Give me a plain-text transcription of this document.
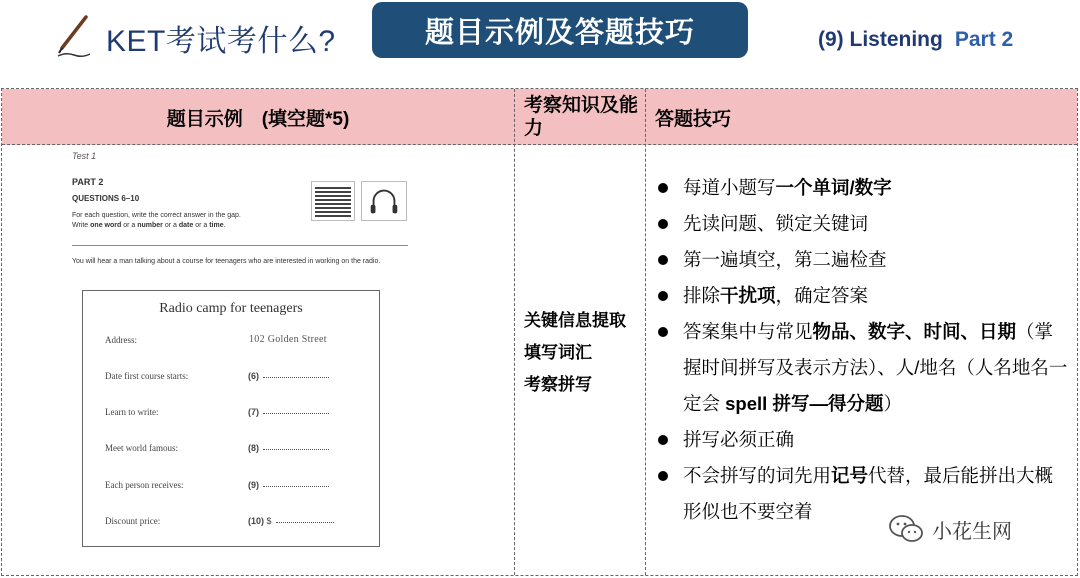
KET考试考什么?	题目示例及答题技巧	(9) Listening Part 2
题目示例　(填空题*5)
考察知识及能力	答题技巧
Test 1
PART 2
QUESTIONS 6–10
For each question, write the correct answer in the gap.
Write one word or a number or a date or a time.
You will hear a man talking about a course for teenagers who are interested in working on the radio.
Radio camp for teenagers
Address:	102 Golden Street
Date first course starts:	(6)
Learn to write:	(7)
Meet world famous:	(8)
Each person receives:	(9)
Discount price:	(10) $
关键信息提取
填写词汇
考察拼写
每道小题写一个单词/数字
先读问题、锁定关键词
第一遍填空，第二遍检查
排除干扰项，确定答案
答案集中与常见物品、数字、时间、日期（掌握时间拼写及表示方法）、人/地名（人名地名一定会 spell 拼写—得分题）
拼写必须正确
不会拼写的词先用记号代替，最后能拼出大概形似也不要空着
小花生网
